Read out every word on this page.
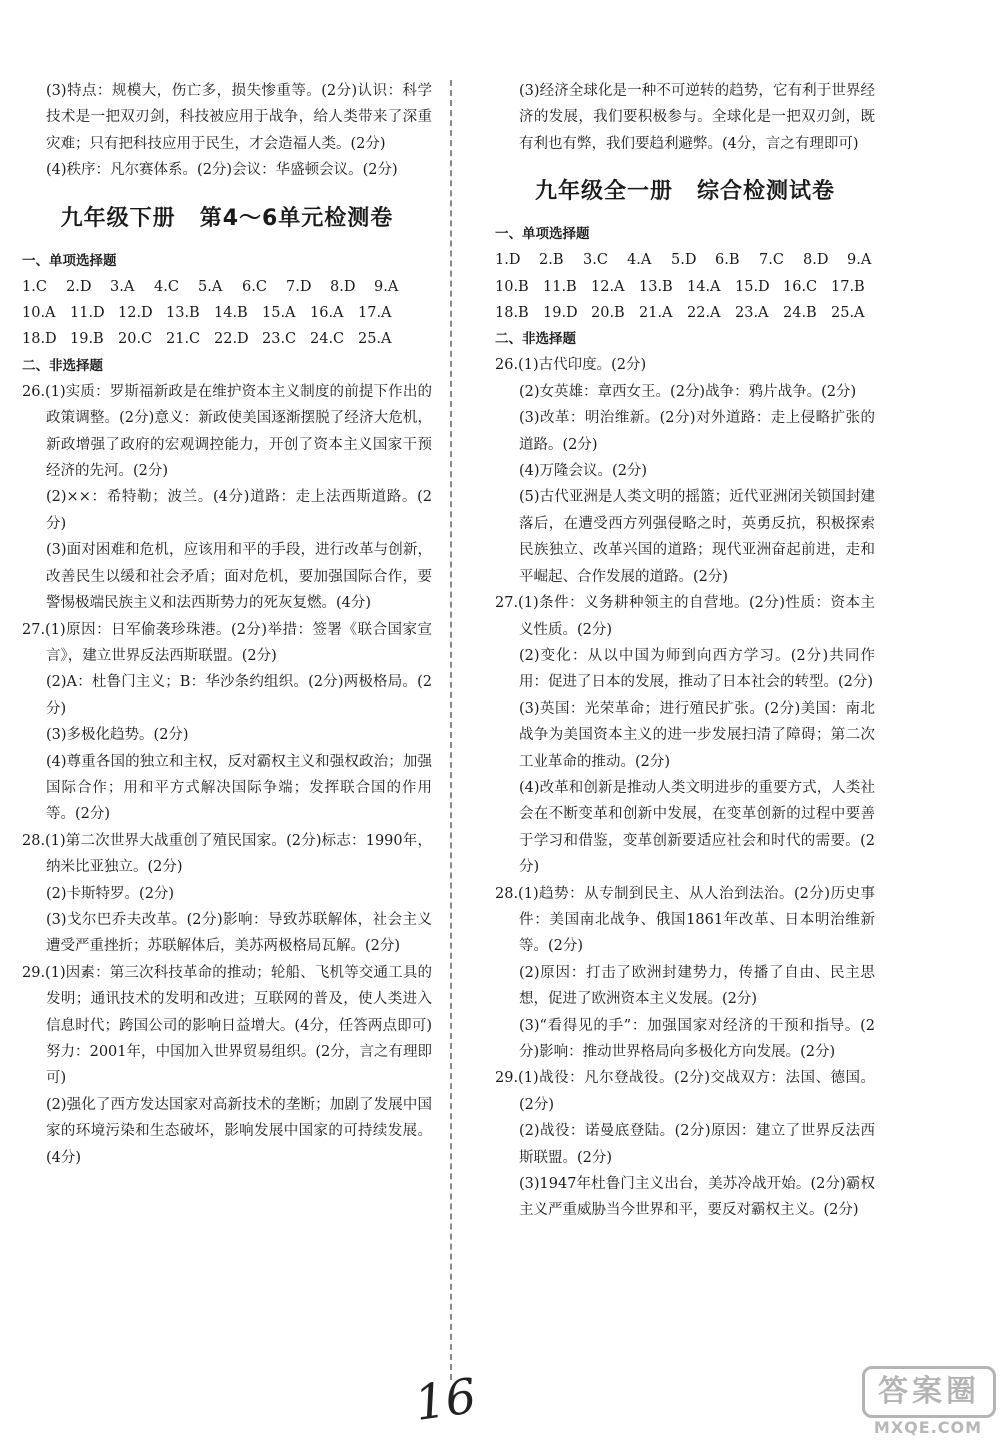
(3)特点：规模大，伤亡多，损失惨重等。(2分)认识：科学技术是一把双刃剑，科技被应用于战争，给人类带来了深重灾难；只有把科技应用于民生，才会造福人类。(2分)

(4)秩序：凡尔赛体系。(2分)会议：华盛顿会议。(2分)

九年级下册 第4～6单元检测卷
一、单项选择题
1.C	2.D	3.A	4.C	5.A	6.C	7.D	8.D	9.A
10.A 11.D 12.D 13.B 14.B 15.A 16.A 17.A
18.D 19.B 20.C 21.C 22.D 23.C 24.C 25.A
二、非选择题

26.(1)实质：罗斯福新政是在维护资本主义制度的前提下作出的政策调整。(2分)意义：新政使美国逐渐摆脱了经济大危机，新政增强了政府的宏观调控能力，开创了资本主义国家干预经济的先河。(2分)

(2)××：希特勒；波兰。(4分)道路：走上法西斯道路。(2分)

(3)面对困难和危机，应该用和平的手段，进行改革与创新，改善民生以缓和社会矛盾；面对危机，要加强国际合作，要警惕极端民族主义和法西斯势力的死灰复燃。(4分)

27.(1)原因：日军偷袭珍珠港。(2分)举措：签署《联合国家宣言》，建立世界反法西斯联盟。(2分)

(2)A：杜鲁门主义；B：华沙条约组织。(2分)两极格局。(2分)

(3)多极化趋势。(2分)

(4)尊重各国的独立和主权，反对霸权主义和强权政治；加强国际合作；用和平方式解决国际争端；发挥联合国的作用等。(2分)

28.(1)第二次世界大战重创了殖民国家。(2分)标志：1990年，纳米比亚独立。(2分)

(2)卡斯特罗。(2分)

(3)戈尔巴乔夫改革。(2分)影响：导致苏联解体，社会主义遭受严重挫折；苏联解体后，美苏两极格局瓦解。(2分)

29.(1)因素：第三次科技革命的推动；轮船、飞机等交通工具的发明；通讯技术的发明和改进；互联网的普及，使人类进入信息时代；跨国公司的影响日益增大。(4分，任答两点即可)努力：2001年，中国加入世界贸易组织。(2分，言之有理即可)

(2)强化了西方发达国家对高新技术的垄断；加剧了发展中国家的环境污染和生态破坏，影响发展中国家的可持续发展。(4分)

(3)经济全球化是一种不可逆转的趋势，它有利于世界经济的发展，我们要积极参与。全球化是一把双刃剑，既有利也有弊，我们要趋利避弊。(4分，言之有理即可)

九年级全一册 综合检测试卷
一、单项选择题
1.D	2.B	3.C	4.A	5.D	6.B	7.C	8.D	9.A
10.B 11.B 12.A 13.B 14.A 15.D 16.C 17.B
18.B 19.D 20.B 21.A 22.A 23.A 24.B 25.A
二、非选择题

26.(1)古代印度。(2分)

(2)女英雄：章西女王。(2分)战争：鸦片战争。(2分)

(3)改革：明治维新。(2分)对外道路：走上侵略扩张的道路。(2分)

(4)万隆会议。(2分)

(5)古代亚洲是人类文明的摇篮；近代亚洲闭关锁国封建落后，在遭受西方列强侵略之时，英勇反抗，积极探索民族独立、改革兴国的道路；现代亚洲奋起前进，走和平崛起、合作发展的道路。(2分)

27.(1)条件：义务耕种领主的自营地。(2分)性质：资本主义性质。(2分)

(2)变化：从以中国为师到向西方学习。(2分)共同作用：促进了日本的发展，推动了日本社会的转型。(2分)

(3)英国：光荣革命；进行殖民扩张。(2分)美国：南北战争为美国资本主义的进一步发展扫清了障碍；第二次工业革命的推动。(2分)

(4)改革和创新是推动人类文明进步的重要方式，人类社会在不断变革和创新中发展，在变革创新的过程中要善于学习和借鉴，变革创新要适应社会和时代的需要。(2分)

28.(1)趋势：从专制到民主、从人治到法治。(2分)历史事件：美国南北战争、俄国1861年改革、日本明治维新等。(2分)

(2)原因：打击了欧洲封建势力，传播了自由、民主思想，促进了欧洲资本主义发展。(2分)

(3)“看得见的手”：加强国家对经济的干预和指导。(2分)影响：推动世界格局向多极化方向发展。(2分)

29.(1)战役：凡尔登战役。(2分)交战双方：法国、德国。(2分)

(2)战役：诺曼底登陆。(2分)原因：建立了世界反法西斯联盟。(2分)

(3)1947年杜鲁门主义出台，美苏冷战开始。(2分)霸权主义严重威胁当今世界和平，要反对霸权主义。(2分)

16	答案圈
MXQE.COM
